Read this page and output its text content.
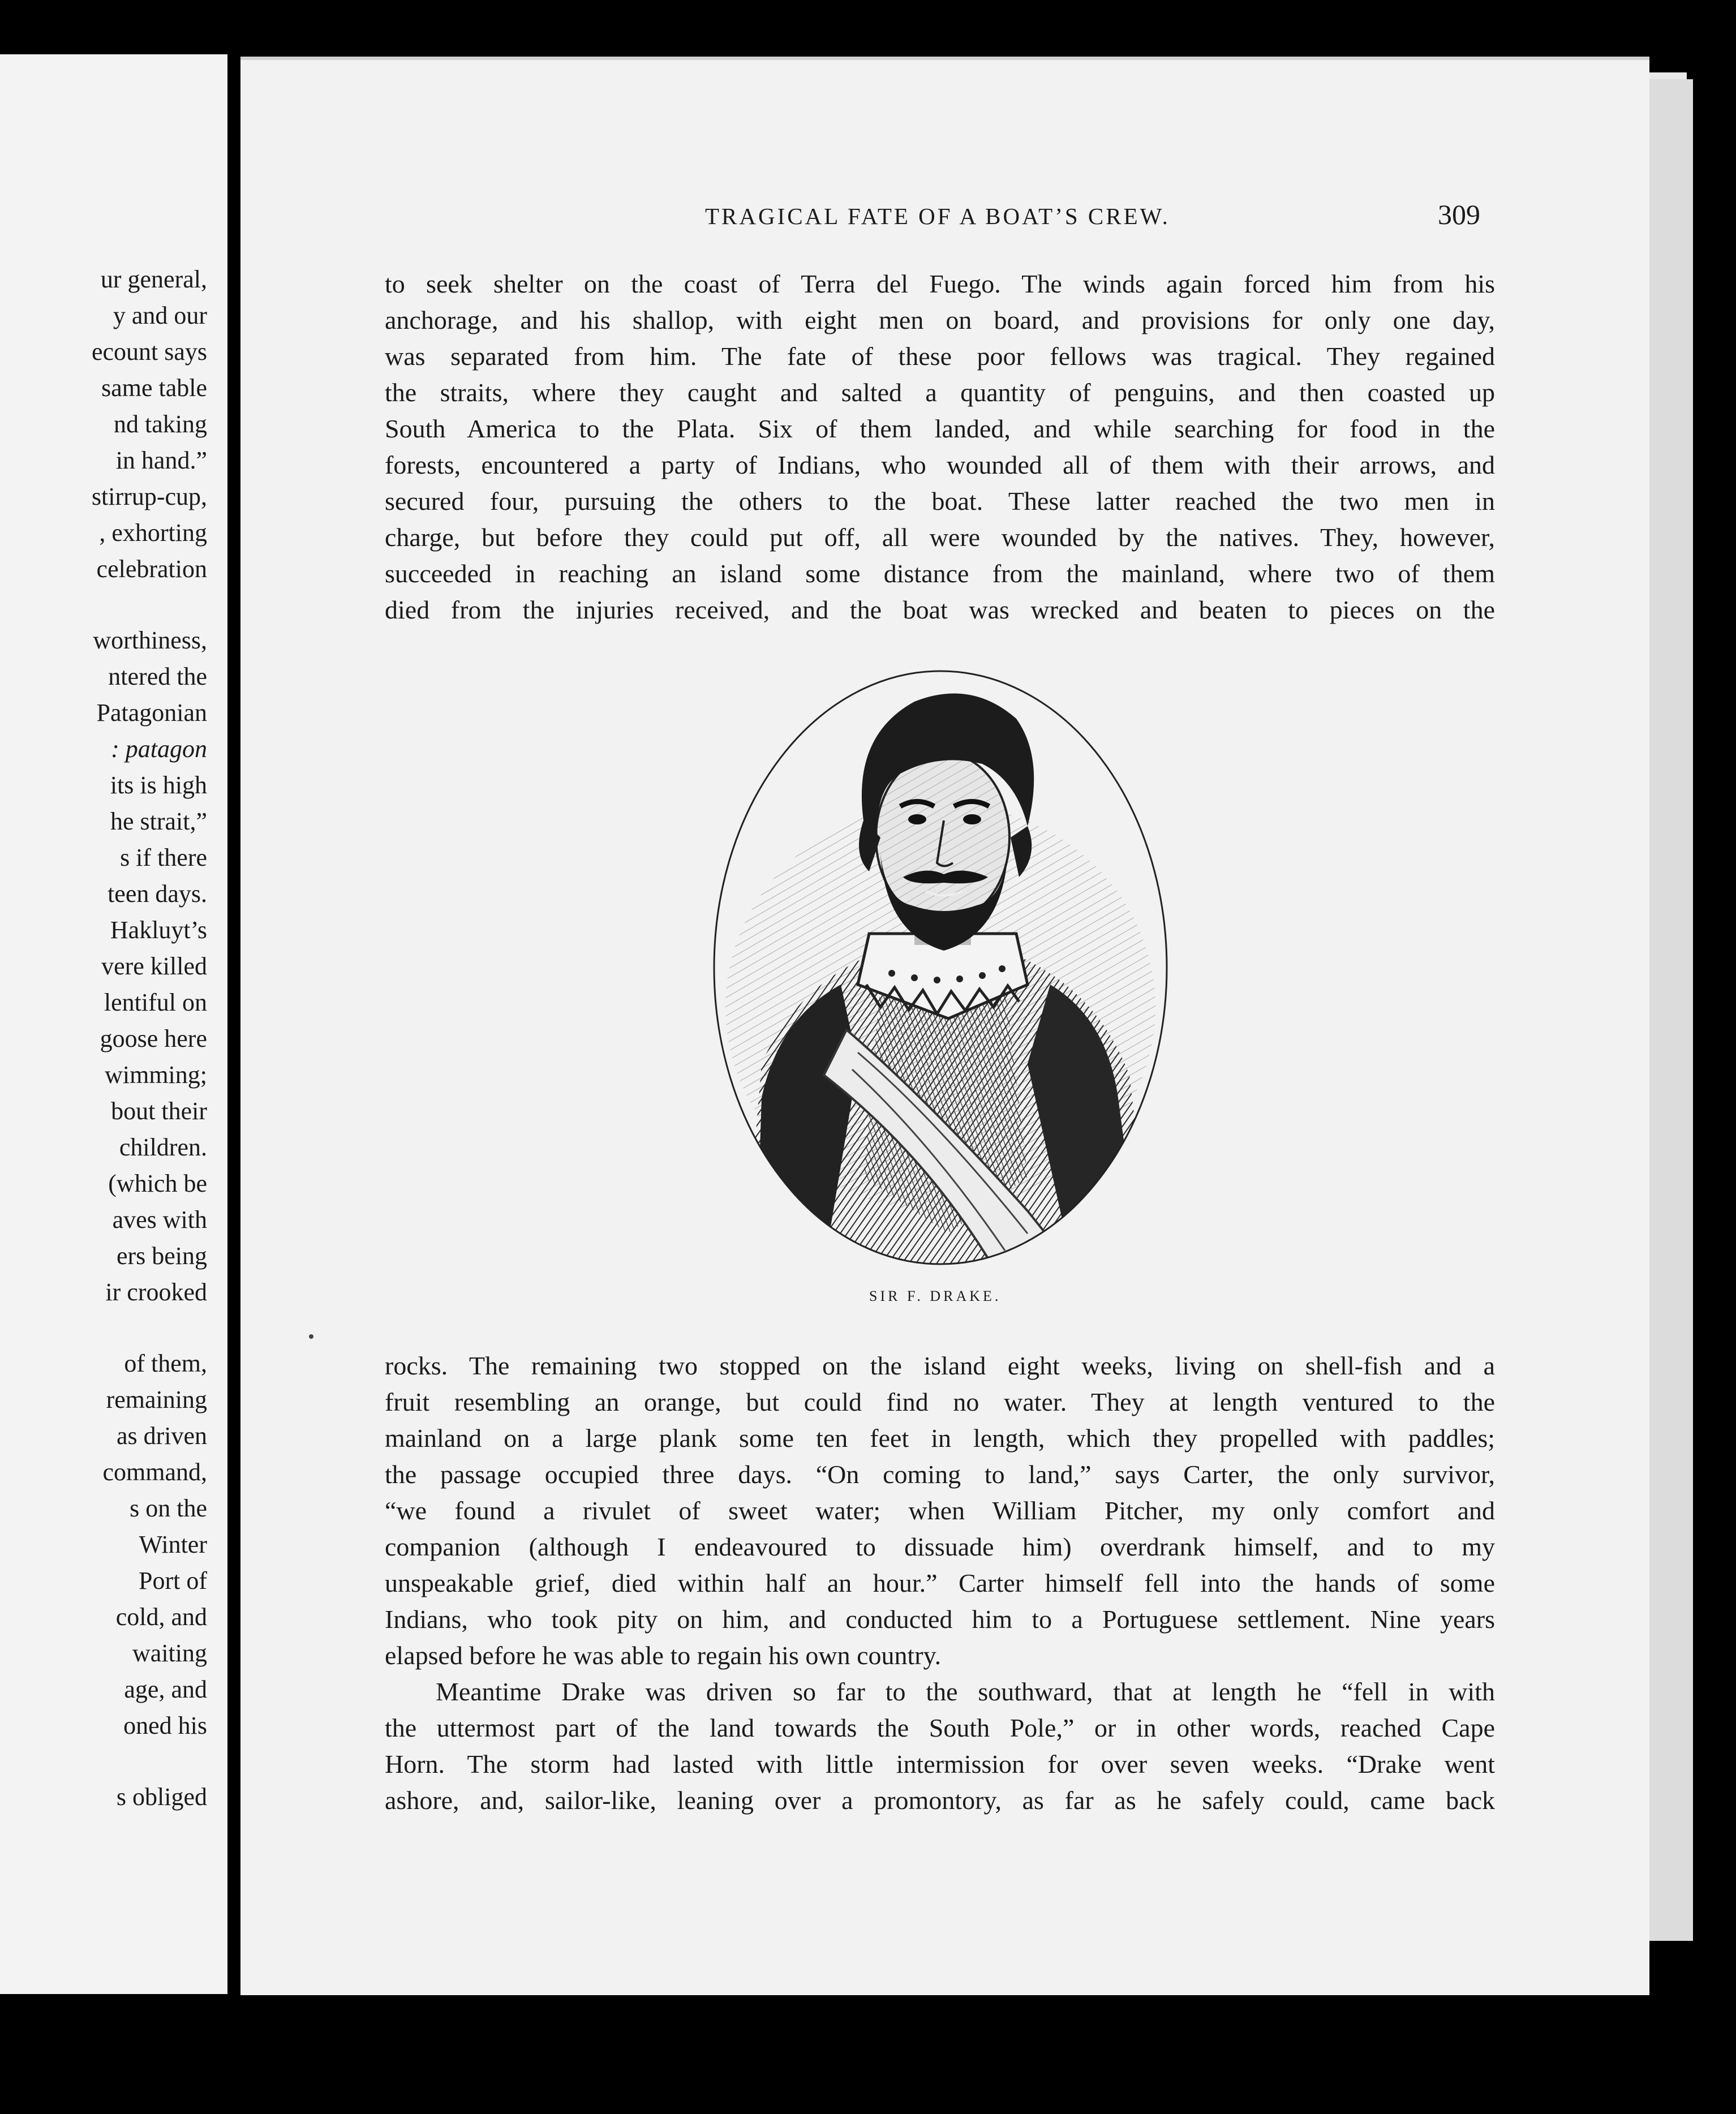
ur general,
y and our
ecount says
same table
nd taking
in hand.”
stirrup-cup,
, exhorting
celebration
worthiness,
ntered the
Patagonian
: patagon
its is high
he strait,”
s if there
teen days.
Hakluyt’s
vere killed
lentiful on
goose here
wimming;
bout their
children.
(which be
aves with
ers being
ir crooked
of them,
remaining
as driven
command,
s on the
Winter
Port of
cold, and
waiting
age, and
oned his
s obliged
TRAGICAL FATE OF A BOAT’S CREW.	309
to seek shelter on the coast of Terra del Fuego. The winds again forced him from his
anchorage, and his shallop, with eight men on board, and provisions for only one day,
was separated from him. The fate of these poor fellows was tragical. They regained
the straits, where they caught and salted a quantity of penguins, and then coasted up
South America to the Plata. Six of them landed, and while searching for food in the
forests, encountered a party of Indians, who wounded all of them with their arrows, and
secured four, pursuing the others to the boat. These latter reached the two men in
charge, but before they could put off, all were wounded by the natives. They, however,
succeeded in reaching an island some distance from the mainland, where two of them
died from the injuries received, and the boat was wrecked and beaten to pieces on the
SIR F. DRAKE.
rocks. The remaining two stopped on the island eight weeks, living on shell-fish and a
fruit resembling an orange, but could find no water. They at length ventured to the
mainland on a large plank some ten feet in length, which they propelled with paddles;
the passage occupied three days. “On coming to land,” says Carter, the only survivor,
“we found a rivulet of sweet water; when William Pitcher, my only comfort and
companion (although I endeavoured to dissuade him) overdrank himself, and to my
unspeakable grief, died within half an hour.” Carter himself fell into the hands of some
Indians, who took pity on him, and conducted him to a Portuguese settlement. Nine years
elapsed before he was able to regain his own country.
Meantime Drake was driven so far to the southward, that at length he “fell in with
the uttermost part of the land towards the South Pole,” or in other words, reached Cape
Horn. The storm had lasted with little intermission for over seven weeks. “Drake went
ashore, and, sailor-like, leaning over a promontory, as far as he safely could, came back
